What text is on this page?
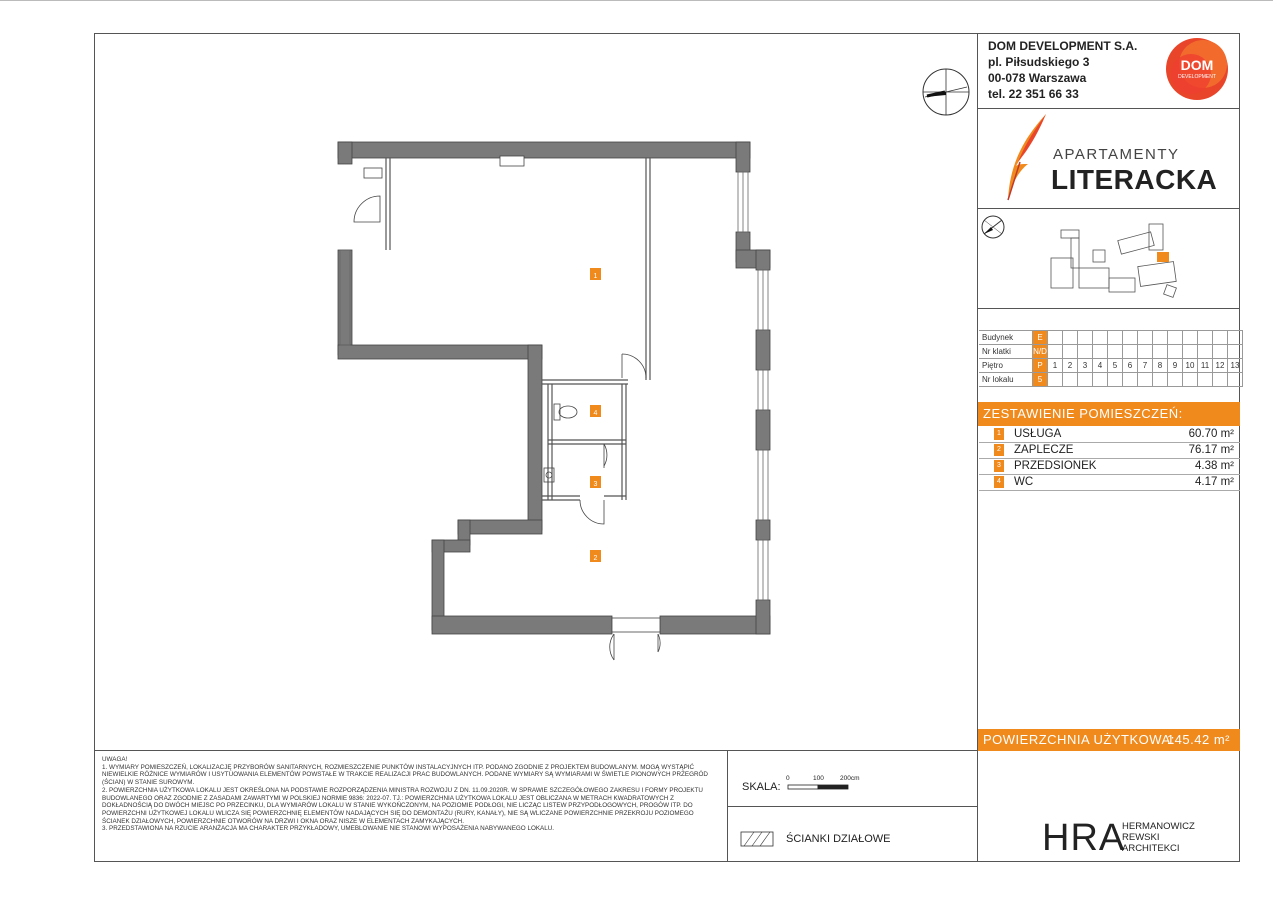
DOM DEVELOPMENT S.A.
pl. Piłsudskiego 3
00-078 Warszawa
tel. 22 351 66 33
DOM
DEVELOPMENT
APARTAMENTY
LITERACKA
Budynek	E													
Nr klatki	N/D													
Piętro	P	1	2	3	4	5	6	7	8	9	10	11	12	13
Nr lokalu	5													
ZESTAWIENIE POMIESZCZEŃ:
1 USŁUGA	60.70 m²
2 ZAPLECZE	76.17 m²
3 PRZEDSIONEK	4.38 m²
4 WC	4.17 m²
POWIERZCHNIA UŻYTKOWA:
145.42 m²
1
2
3
4

UWAGA!

1. WYMIARY POMIESZCZEŃ, LOKALIZACJĘ PRZYBORÓW SANITARNYCH, ROZMIESZCZENIE PUNKTÓW INSTALACYJNYCH ITP. PODANO ZGODNIE Z PROJEKTEM BUDOWLANYM. MOGĄ WYSTĄPIĆ NIEWIELKIE RÓŻNICE WYMIARÓW I USYTUOWANIA ELEMENTÓW POWSTAŁE W TRAKCIE REALIZACJI PRAC BUDOWLANYCH. PODANE WYMIARY SĄ WYMIARAMI W ŚWIETLE PIONOWYCH PRZEGRÓD (ŚCIAN) W STANIE SUROWYM.

2. POWIERZCHNIA UŻYTKOWA LOKALU JEST OKREŚLONA NA PODSTAWIE ROZPORZĄDZENIA MINISTRA ROZWOJU Z DN. 11.09.2020R. W SPRAWIE SZCZEGÓŁOWEGO ZAKRESU I FORMY PROJEKTU BUDOWLANEGO ORAZ ZGODNIE Z ZASADAMI ZAWARTYMI W POLSKIEJ NORMIE 9836: 2022-07. TJ.: POWIERZCHNIA UŻYTKOWA LOKALU JEST OBLICZANA W METRACH KWADRATOWYCH Z DOKŁADNOŚCIĄ DO DWÓCH MIEJSC PO PRZECINKU, DLA WYMIARÓW LOKALU W STANIE WYKOŃCZONYM, NA POZIOMIE PODŁOGI, NIE LICZĄC LISTEW PRZYPODŁOGOWYCH, PROGÓW ITP. DO POWIERZCHNI UŻYTKOWEJ LOKALU WLICZA SIĘ POWIERZCHNIĘ ELEMENTÓW NADAJĄCYCH SIĘ DO DEMONTAŻU (RURY, KANAŁY), NIE SĄ WLICZANE POWIERZCHNIE PRZEKROJU POZIOMEGO ŚCIANEK DZIAŁOWYCH, POWIERZCHNIE OTWORÓW NA DRZWI I OKNA ORAZ NISZE W ELEMENTACH ZAMYKAJĄCYCH.

3. PRZEDSTAWIONA NA RZUCIE ARANŻACJA MA CHARAKTER PRZYKŁADOWY, UMEBLOWANIE NIE STANOWI WYPOSAŻENIA NABYWANEGO LOKALU.

SKALA:
0	100 200cm
ŚCIANKI DZIAŁOWE	HRA
HERMANOWICZ
REWSKI
ARCHITEKCI
